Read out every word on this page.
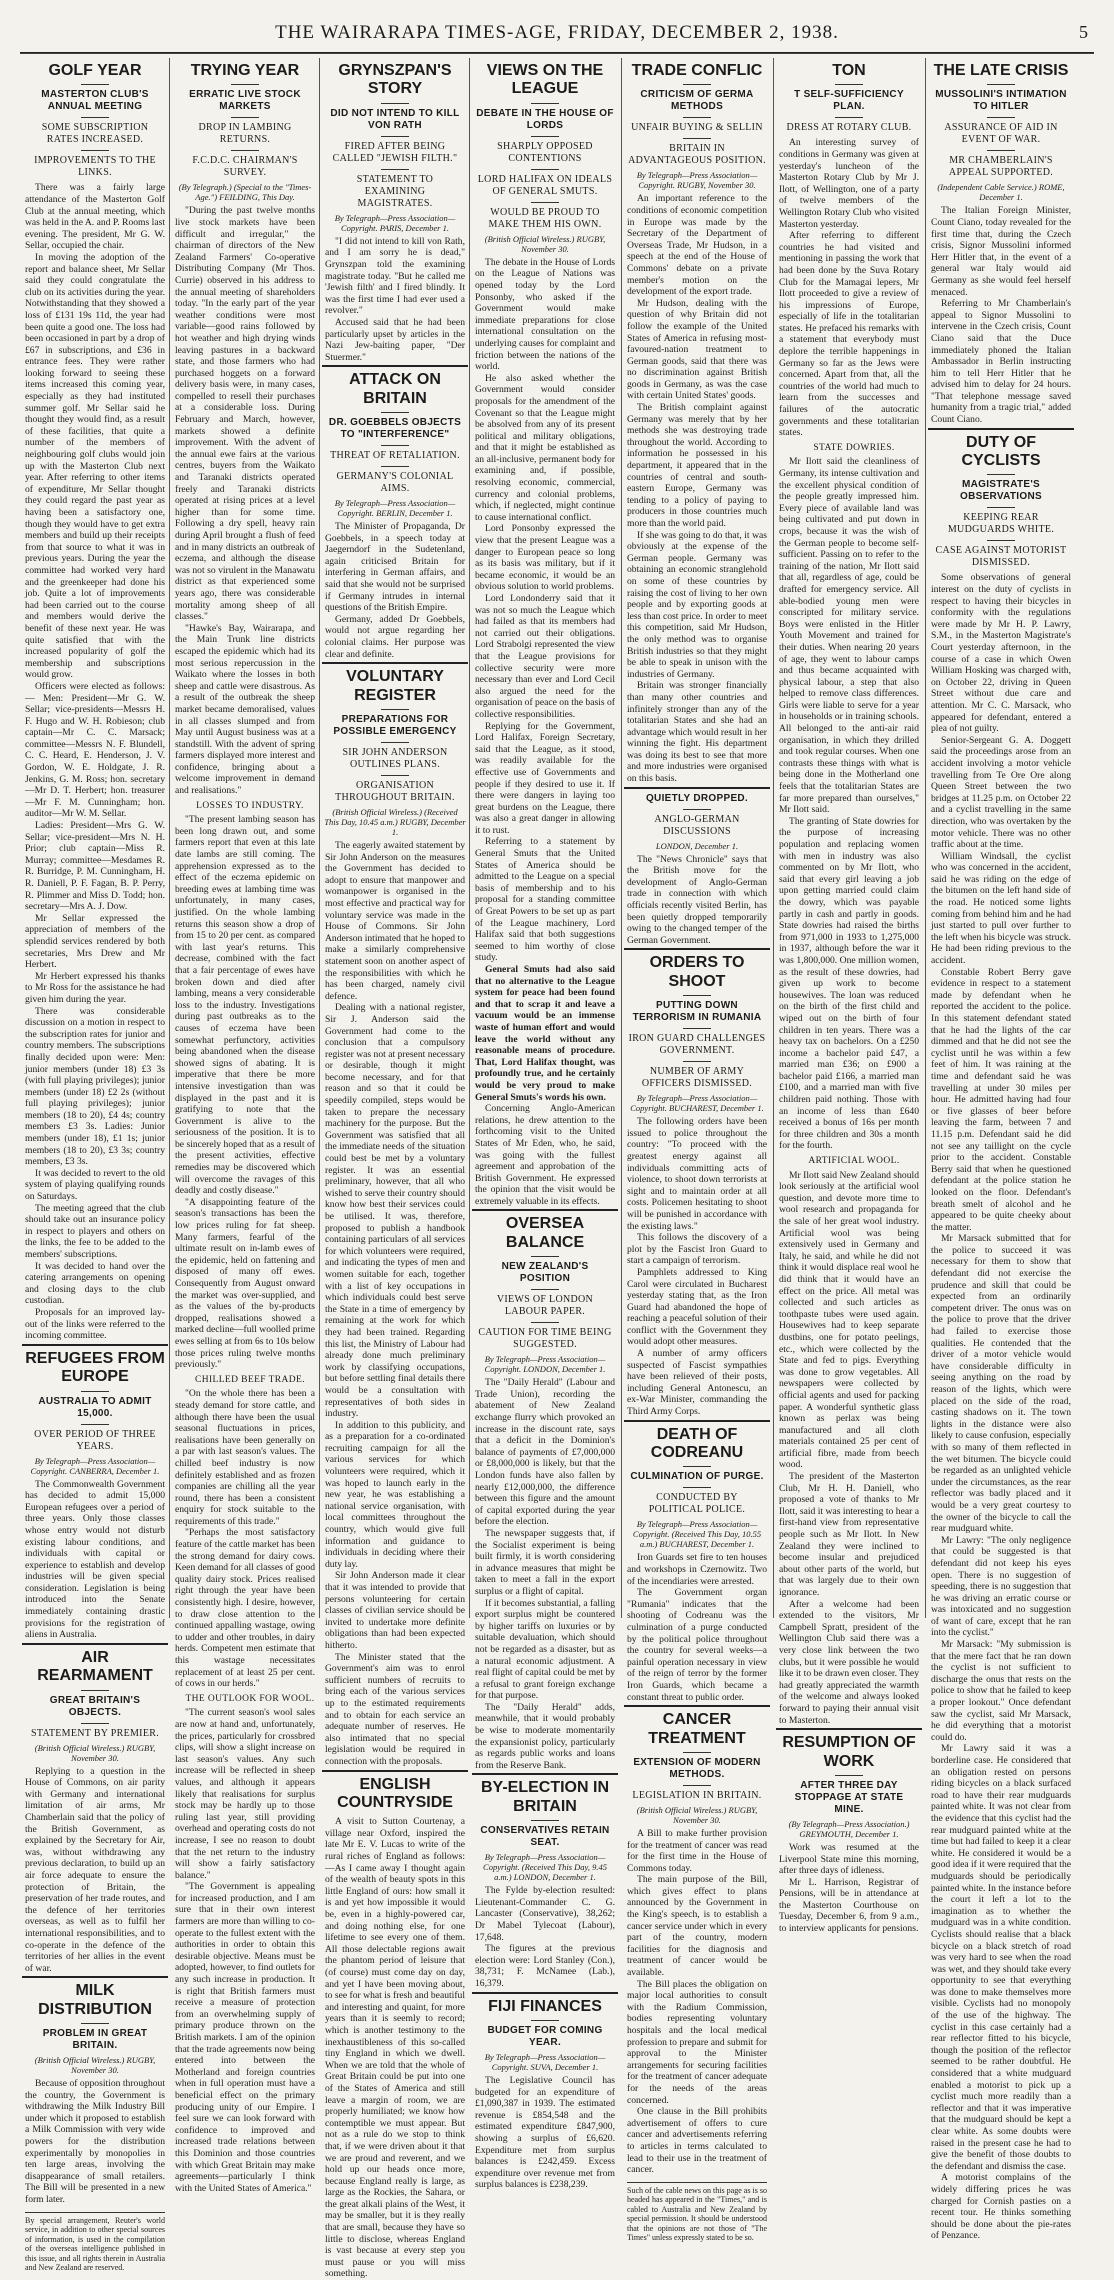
THE WAIRARAPA TIMES-AGE, FRIDAY, DECEMBER 2, 1938.	5
GOLF YEAR
MASTERTON CLUB'S ANNUAL MEETING
SOME SUBSCRIPTION RATES INCREASED.
IMPROVEMENTS TO THE LINKS.

There was a fairly large attendance of the Masterton Golf Club at the annual meeting, which was held in the A. and P. Rooms last evening. The president, Mr G. W. Sellar, occupied the chair.

In moving the adoption of the report and balance sheet, Mr Sellar said they could congratulate the club on its activities during the year. Notwithstanding that they showed a loss of £131 19s 11d, the year had been quite a good one. The loss had been occasioned in part by a drop of £67 in subscriptions, and £36 in entrance fees. They were rather looking forward to seeing these items increased this coming year, especially as they had instituted summer golf. Mr Sellar said he thought they would find, as a result of these facilities, that quite a number of the members of neighbouring golf clubs would join up with the Masterton Club next year. After referring to other items of expenditure, Mr Sellar thought they could regard the past year as having been a satisfactory one, though they would have to get extra members and build up their receipts from that source to what it was in previous years. During the year the committee had worked very hard and the greenkeeper had done his job. Quite a lot of improvements had been carried out to the course and members would derive the benefit of these next year. He was quite satisfied that with the increased popularity of golf the membership and subscriptions would grow.

Officers were elected as follows:— Men: President—Mr G. W. Sellar; vice-presidents—Messrs H. F. Hugo and W. H. Robieson; club captain—Mr C. C. Marsack; committee—Messrs N. F. Blundell, C. C. Heard, E. Henderson, J. V. Gordon, W. E. Holdgate, J. R. Jenkins, G. M. Ross; hon. secretary—Mr D. T. Herbert; hon. treasurer—Mr F. M. Cunningham; hon. auditor—Mr W. M. Sellar.

Ladies: President—Mrs G. W. Sellar; vice-president—Mrs N. H. Prior; club captain—Miss R. Murray; committee—Mesdames R. R. Burridge, P. M. Cunningham, H. R. Daniell, P. F. Fagan, B. P. Perry, R. Plimmer and Miss D. Todd; hon. secretary—Mrs A. J. Dow.

Mr Sellar expressed the appreciation of members of the splendid services rendered by both secretaries, Mrs Drew and Mr Herbert.

Mr Herbert expressed his thanks to Mr Ross for the assistance he had given him during the year.

There was considerable discussion on a motion in respect to the subscription rates for junior and country members. The subscriptions finally decided upon were: Men: junior members (under 18) £3 3s (with full playing privileges); junior members (under 18) £2 2s (without full playing privileges); junior members (18 to 20), £4 4s; country members £3 3s. Ladies: Junior members (under 18), £1 1s; junior members (18 to 20), £3 3s; country members, £3 3s.

It was decided to revert to the old system of playing qualifying rounds on Saturdays.

The meeting agreed that the club should take out an insurance policy in respect to players and others on the links, the fee to be added to the members' subscriptions.

It was decided to hand over the catering arrangements on opening and closing days to the club custodian.

Proposals for an improved lay-out of the links were referred to the incoming committee.

REFUGEES FROM EUROPE
AUSTRALIA TO ADMIT 15,000.
OVER PERIOD OF THREE YEARS.
By Telegraph—Press Association—Copyright. CANBERRA, December 1.

The Commonwealth Government has decided to admit 15,000 European refugees over a period of three years. Only those classes whose entry would not disturb existing labour conditions, and individuals with capital or experience to establish and develop industries will be given special consideration. Legislation is being introduced into the Senate immediately containing drastic provisions for the registration of aliens in Australia.

AIR REARMAMENT
GREAT BRITAIN'S OBJECTS.
STATEMENT BY PREMIER.
(British Official Wireless.) RUGBY, November 30.

Replying to a question in the House of Commons, on air parity with Germany and international limitation of air arms, Mr Chamberlain said that the policy of the British Government, as explained by the Secretary for Air, was, without withdrawing any previous declaration, to build up an air force adequate to ensure the protection of Britain, the preservation of her trade routes, and the defence of her territories overseas, as well as to fulfil her international responsibilities, and to co-operate in the defence of the territories of her allies in the event of war.

MILK DISTRIBUTION
PROBLEM IN GREAT BRITAIN.
(British Official Wireless.) RUGBY, November 30.

Because of opposition throughout the country, the Government is withdrawing the Milk Industry Bill under which it proposed to establish a Milk Commission with very wide powers for the distribution experimentally by monopolies in ten large areas, involving the disappearance of small retailers. The Bill will be presented in a new form later.

By special arrangement, Reuter's world service, in addition to other special sources of information, is used in the compilation of the overseas intelligence published in this issue, and all rights therein in Australia and New Zealand are reserved.
TRYING YEAR
ERRATIC LIVE STOCK MARKETS
DROP IN LAMBING RETURNS.
F.C.D.C. CHAIRMAN'S SURVEY.
(By Telegraph.) (Special to the "Times-Age.") FEILDING, This Day.

"During the past twelve months live stock markets have been difficult and irregular," the chairman of directors of the New Zealand Farmers' Co-operative Distributing Company (Mr Thos. Currie) observed in his address to the annual meeting of shareholders today. "In the early part of the year weather conditions were most variable—good rains followed by hot weather and high drying winds leaving pastures in a backward state, and those farmers who had purchased hoggets on a forward delivery basis were, in many cases, compelled to resell their purchases at a considerable loss. During February and March, however, markets showed a definite improvement. With the advent of the annual ewe fairs at the various centres, buyers from the Waikato and Taranaki districts operated freely and Taranaki districts operated at rising prices at a level higher than for some time. Following a dry spell, heavy rain during April brought a flush of feed and in many districts an outbreak of eczema, and although the disease was not so virulent in the Manawatu district as that experienced some years ago, there was considerable mortality among sheep of all classes."

"Hawke's Bay, Wairarapa, and the Main Trunk line districts escaped the epidemic which had its most serious repercussion in the Waikato where the losses in both sheep and cattle were disastrous. As a result of the outbreak the sheep market became demoralised, values in all classes slumped and from May until August business was at a standstill. With the advent of spring farmers displayed more interest and confidence, bringing about a welcome improvement in demand and realisations."

LOSSES TO INDUSTRY.

"The present lambing season has been long drawn out, and some farmers report that even at this late date lambs are still coming. The apprehension expressed as to the effect of the eczema epidemic on breeding ewes at lambing time was unfortunately, in many cases, justified. On the whole lambing returns this season show a drop of from 15 to 20 per cent. as compared with last year's returns. This decrease, combined with the fact that a fair percentage of ewes have broken down and died after lambing, means a very considerable loss to the industry. Investigations during past outbreaks as to the causes of eczema have been somewhat perfunctory, activities being abandoned when the disease showed signs of abating. It is imperative that there be more intensive investigation than was displayed in the past and it is gratifying to note that the Government is alive to the seriousness of the position. It is to be sincerely hoped that as a result of the present activities, effective remedies may be discovered which will overcome the ravages of this deadly and costly disease."

"A disappointing feature of the season's transactions has been the low prices ruling for fat sheep. Many farmers, fearful of the ultimate result on in-lamb ewes of the epidemic, held on fattening and disposed of many off ewes. Consequently from August onward the market was over-supplied, and as the values of the by-products dropped, realisations showed a marked decline—full woolled prime ewes selling at from 6s to 10s below those prices ruling twelve months previously."

CHILLED BEEF TRADE.

"On the whole there has been a steady demand for store cattle, and although there have been the usual seasonal fluctuations in prices, realisations have been generally on a par with last season's values. The chilled beef industry is now definitely established and as frozen companies are chilling all the year round, there has been a consistent enquiry for stock suitable to the requirements of this trade."

"Perhaps the most satisfactory feature of the cattle market has been the strong demand for dairy cows. Keen demand for all classes of good quality dairy stock. Prices realised right through the year have been consistently high. I desire, however, to draw close attention to the continued appalling wastage, owing to udder and other troubles, in dairy herds. Competent men estimate that this wastage necessitates replacement of at least 25 per cent. of cows in our herds."

THE OUTLOOK FOR WOOL.

"The current season's wool sales are now at hand and, unfortunately, the prices, particularly for crossbred clips, will show a slight increase on last season's values. Any such increase will be reflected in sheep values, and although it appears likely that realisations for surplus stock may be hardly up to those ruling last year, still providing overhead and operating costs do not increase, I see no reason to doubt that the net return to the industry will show a fairly satisfactory balance."

"The Government is appealing for increased production, and I am sure that in their own interest farmers are more than willing to co-operate to the fullest extent with the authorities in order to obtain this desirable objective. Means must be adopted, however, to find outlets for any such increase in production. It is right that British farmers must receive a measure of protection from an overwhelming supply of primary produce thrown on the British markets. I am of the opinion that the trade agreements now being entered into between the Motherland and foreign countries when in full operation must have a beneficial effect on the primary producing unity of our Empire. I feel sure we can look forward with confidence to improved and increased trade relations between this Dominion and those countries with which Great Britain may make agreements—particularly I think with the United States of America."

GRYNSZPAN'S STORY
DID NOT INTEND TO KILL VON RATH
FIRED AFTER BEING CALLED "JEWISH FILTH."
STATEMENT TO EXAMINING MAGISTRATES.
By Telegraph—Press Association—Copyright. PARIS, December 1.

"I did not intend to kill von Rath, and I am sorry he is dead," Grynszpan told the examining magistrate today. "But he called me 'Jewish filth' and I fired blindly. It was the first time I had ever used a revolver."

Accused said that he had been particularly upset by articles in the Nazi Jew-baiting paper, "Der Stuermer."

ATTACK ON BRITAIN
DR. GOEBBELS OBJECTS TO "INTERFERENCE"
THREAT OF RETALIATION.
GERMANY'S COLONIAL AIMS.
By Telegraph—Press Association—Copyright. BERLIN, December 1.

The Minister of Propaganda, Dr Goebbels, in a speech today at Jaegerndorf in the Sudetenland, again criticised Britain for interfering in German affairs, and said that she would not be surprised if Germany intrudes in internal questions of the British Empire.

Germany, added Dr Goebbels, would not argue regarding her colonial claims. Her purpose was clear and definite.

VOLUNTARY REGISTER
PREPARATIONS FOR POSSIBLE EMERGENCY
SIR JOHN ANDERSON OUTLINES PLANS.
ORGANISATION THROUGHOUT BRITAIN.
(British Official Wireless.) (Received This Day, 10.45 a.m.) RUGBY, December 1.

The eagerly awaited statement by Sir John Anderson on the measures the Government has decided to adopt to ensure that manpower and womanpower is organised in the most effective and practical way for voluntary service was made in the House of Commons. Sir John Anderson intimated that he hoped to make a similarly comprehensive statement soon on another aspect of the responsibilities with which he has been charged, namely civil defence.

Dealing with a national register, Sir J. Anderson said the Government had come to the conclusion that a compulsory register was not at present necessary or desirable, though it might become necessary, and for that reason and so that it could be speedily compiled, steps would be taken to prepare the necessary machinery for the purpose. But the Government was satisfied that all the immediate needs of the situation could best be met by a voluntary register. It was an essential preliminary, however, that all who wished to serve their country should know how best their services could be utilised. It was, therefore, proposed to publish a handbook containing particulars of all services for which volunteers were required, and indicating the types of men and women suitable for each, together with a list of key occupations in which individuals could best serve the State in a time of emergency by remaining at the work for which they had been trained. Regarding this list, the Ministry of Labour had already done much preliminary work by classifying occupations, but before settling final details there would be a consultation with representatives of both sides in industry.

In addition to this publicity, and as a preparation for a co-ordinated recruiting campaign for all the various services for which volunteers were required, which it was hoped to launch early in the new year, he was establishing a national service organisation, with local committees throughout the country, which would give full information and guidance to individuals in deciding where their duty lay.

Sir John Anderson made it clear that it was intended to provide that persons volunteering for certain classes of civilian service should be invited to undertake more definite obligations than had been expected hitherto.

The Minister stated that the Government's aim was to enrol sufficient numbers of recruits to bring each of the various services up to the estimated requirements and to obtain for each service an adequate number of reserves. He also intimated that no special legislation would be required in connection with the proposals.

ENGLISH COUNTRYSIDE

A visit to Sutton Courtenay, a village near Oxford, inspired the late Mr E. V. Lucas to write of the rural riches of England as follows:—As I came away I thought again of the wealth of beauty spots in this little England of ours: how small it is and yet how impossible it would be, even in a highly-powered car, and doing nothing else, for one lifetime to see every one of them. All those delectable regions await the phantom period of leisure that (of course) must come day on day, and yet I have been moving about, to see for what is fresh and beautiful and interesting and quaint, for more years than it is seemly to record; which is another testimony to the inexhaustibleness of this so-called tiny England in which we dwell. When we are told that the whole of Great Britain could be put into one of the States of America and still leave a margin of room, we are properly humiliated; we know how contemptible we must appear. But not as a rule do we stop to think that, if we were driven about it that we are proud and reverent, and we hold up our heads once more, because England really is large, as large as the Rockies, the Sahara, or the great alkali plains of the West, it may be smaller, but it is they really that are small, because they have so little to disclose, whereas England is vast because at every step you must pause or you will miss something.

VIEWS ON THE LEAGUE
DEBATE IN THE HOUSE OF LORDS
SHARPLY OPPOSED CONTENTIONS
LORD HALIFAX ON IDEALS OF GENERAL SMUTS.
WOULD BE PROUD TO MAKE THEM HIS OWN.
(British Official Wireless.) RUGBY, November 30.

The debate in the House of Lords on the League of Nations was opened today by the Lord Ponsonby, who asked if the Government would make immediate preparations for close international consultation on the underlying causes for complaint and friction between the nations of the world.

He also asked whether the Government would consider proposals for the amendment of the Covenant so that the League might be absolved from any of its present political and military obligations, and that it might be established as an all-inclusive, permanent body for examining and, if possible, resolving economic, commercial, currency and colonial problems, which, if neglected, might continue to cause international conflict.

Lord Ponsonby expressed the view that the present League was a danger to European peace so long as its basis was military, but if it became economic, it would be an obvious solution to world problems.

Lord Londonderry said that it was not so much the League which had failed as that its members had not carried out their obligations. Lord Strabolgi represented the view that the League provisions for collective security were more necessary than ever and Lord Cecil also argued the need for the organisation of peace on the basis of collective responsibilities.

Replying for the Government, Lord Halifax, Foreign Secretary, said that the League, as it stood, was readily available for the effective use of Governments and people if they desired to use it. If there were dangers in laying too great burdens on the League, there was also a great danger in allowing it to rust.

Referring to a statement by General Smuts that the United States of America should be admitted to the League on a special basis of membership and to his proposal for a standing committee of Great Powers to be set up as part of the League machinery, Lord Halifax said that both suggestions seemed to him worthy of close study.

General Smuts had also said that no alternative to the League system for peace had been found and that to scrap it and leave a vacuum would be an immense waste of human effort and would leave the world without any reasonable means of procedure. That, Lord Halifax thought, was profoundly true, and he certainly would be very proud to make General Smuts's words his own.

Concerning Anglo-American relations, he drew attention to the forthcoming visit to the United States of Mr Eden, who, he said, was going with the fullest agreement and approbation of the British Government. He expressed the opinion that the visit would be extremely valuable in its effects.

OVERSEA BALANCE
NEW ZEALAND'S POSITION
VIEWS OF LONDON LABOUR PAPER.
CAUTION FOR TIME BEING SUGGESTED.
By Telegraph—Press Association—Copyright. LONDON, December 1.

The "Daily Herald" (Labour and Trade Union), recording the abatement of New Zealand exchange flurry which provoked an increase in the discount rate, says that a deficit in the Dominion's balance of payments of £7,000,000 or £8,000,000 is likely, but that the London funds have also fallen by nearly £12,000,000, the difference between this figure and the amount of capital exported during the year before the election.

The newspaper suggests that, if the Socialist experiment is being built firmly, it is worth considering in advance measures that might be taken to meet a fall in the export surplus or a flight of capital.

If it becomes substantial, a falling export surplus might be countered by higher tariffs on luxuries or by suitable devaluation, which should not be regarded as a disaster, but as a natural economic adjustment. A real flight of capital could be met by a refusal to grant foreign exchange for that purpose.

The "Daily Herald" adds, meanwhile, that it would probably be wise to moderate momentarily the expansionist policy, particularly as regards public works and loans from the Reserve Bank.

BY-ELECTION IN BRITAIN
CONSERVATIVES RETAIN SEAT.
By Telegraph—Press Association—Copyright. (Received This Day, 9.45 a.m.) LONDON, December 1.

The Fylde by-election resulted: Lieutenant-Commander C. G. Lancaster (Conservative), 38,262; Dr Mabel Tylecoat (Labour), 17,648.

The figures at the previous election were: Lord Stanley (Con.), 38,731; F. McNamee (Lab.), 16,379.

FIJI FINANCES
BUDGET FOR COMING YEAR.
By Telegraph—Press Association—Copyright. SUVA, December 1.

The Legislative Council has budgeted for an expenditure of £1,090,387 in 1939. The estimated revenue is £854,548 and the estimated expenditure £847,900, showing a surplus of £6,620. Expenditure met from surplus balances is £242,459. Excess expenditure over revenue met from surplus balances is £238,239.

TRADE CONFLIC
CRITICISM OF GERMA METHODS
UNFAIR BUYING & SELLIN
BRITAIN IN ADVANTAGEOUS POSITION.
By Telegraph—Press Association—Copyright. RUGBY, November 30.

An important reference to the conditions of economic competition in Europe was made by the Secretary of the Department of Overseas Trade, Mr Hudson, in a speech at the end of the House of Commons' debate on a private member's motion on the development of the export trade.

Mr Hudson, dealing with the question of why Britain did not follow the example of the United States of America in refusing most-favoured-nation treatment to German goods, said that there was no discrimination against British goods in Germany, as was the case with certain United States' goods.

The British complaint against Germany was merely that by her methods she was destroying trade throughout the world. According to information he possessed in his department, it appeared that in the countries of central and south-eastern Europe, Germany was tending to a policy of paying to producers in those countries much more than the world paid.

If she was going to do that, it was obviously at the expense of the German people. Germany was obtaining an economic stranglehold on some of these countries by raising the cost of living to her own people and by exporting goods at less than cost price. In order to meet this competition, said Mr Hudson, the only method was to organise British industries so that they might be able to speak in unison with the industries of Germany.

Britain was stronger financially than many other countries and infinitely stronger than any of the totalitarian States and she had an advantage which would result in her winning the fight. His department was doing its best to see that more and more industries were organised on this basis.

QUIETLY DROPPED.
ANGLO-GERMAN DISCUSSIONS
LONDON, December 1.

The "News Chronicle" says that the British move for the development of Anglo-German trade in connection with which officials recently visited Berlin, has been quietly dropped temporarily owing to the changed temper of the German Government.

ORDERS TO SHOOT
PUTTING DOWN TERRORISM IN RUMANIA
IRON GUARD CHALLENGES GOVERNMENT.
NUMBER OF ARMY OFFICERS DISMISSED.
By Telegraph—Press Association—Copyright. BUCHAREST, December 1.

The following orders have been issued to police throughout the country: "To proceed with the greatest energy against all individuals committing acts of violence, to shoot down terrorists at sight and to maintain order at all costs. Policemen hesitating to shoot will be punished in accordance with the existing laws."

This follows the discovery of a plot by the Fascist Iron Guard to start a campaign of terrorism.

Pamphlets addressed to King Carol were circulated in Bucharest yesterday stating that, as the Iron Guard had abandoned the hope of reaching a peaceful solution of their conflict with the Government they would adopt other measures.

A number of army officers suspected of Fascist sympathies have been relieved of their posts, including General Antonescu, an ex-War Minister, commanding the Third Army Corps.

DEATH OF CODREANU
CULMINATION OF PURGE.
CONDUCTED BY POLITICAL POLICE.
By Telegraph—Press Association—Copyright. (Received This Day, 10.55 a.m.) BUCHAREST, December 1.

Iron Guards set fire to ten houses and workshops in Czernowitz. Two of the incendiaries were arrested.

The Government organ "Rumania" indicates that the shooting of Codreanu was the culmination of a purge conducted by the political police throughout the country for several weeks—a painful operation necessary in view of the reign of terror by the former Iron Guards, which became a constant threat to public order.

CANCER TREATMENT
EXTENSION OF MODERN METHODS.
LEGISLATION IN BRITAIN.
(British Official Wireless.) RUGBY, November 30.

A Bill to make further provision for the treatment of cancer was read for the first time in the House of Commons today.

The main purpose of the Bill, which gives effect to plans announced by the Government in the King's speech, is to establish a cancer service under which in every part of the country, modern facilities for the diagnosis and treatment of cancer would be available.

The Bill places the obligation on major local authorities to consult with the Radium Commission, bodies representing voluntary hospitals and the local medical profession to prepare and submit for approval to the Minister arrangements for securing facilities for the treatment of cancer adequate for the needs of the areas concerned.

One clause in the Bill prohibits advertisement of offers to cure cancer and advertisements referring to articles in terms calculated to lead to their use in the treatment of cancer.

Such of the cable news on this page as is so headed has appeared in the "Times," and is cabled to Australia and New Zealand by special permission. It should be understood that the opinions are not those of "The Times" unless expressly stated to be so.
TON
T SELF-SUFFICIENCY PLAN.
DRESS AT ROTARY CLUB.

An interesting survey of conditions in Germany was given at yesterday's luncheon of the Masterton Rotary Club by Mr J. Ilott, of Wellington, one of a party of twelve members of the Wellington Rotary Club who visited Masterton yesterday.

After referring to different countries he had visited and mentioning in passing the work that had been done by the Suva Rotary Club for the Mamagai lepers, Mr Ilott proceeded to give a review of his impressions of Europe, especially of life in the totalitarian states. He prefaced his remarks with a statement that everybody must deplore the terrible happenings in Germany so far as the Jews were concerned. Apart from that, all the countries of the world had much to learn from the successes and failures of the autocratic governments and these totalitarian states.

STATE DOWRIES.

Mr Ilott said the cleanliness of Germany, its intense cultivation and the excellent physical condition of the people greatly impressed him. Every piece of available land was being cultivated and put down in crops, because it was the wish of the German people to become self-sufficient. Passing on to refer to the training of the nation, Mr Ilott said that all, regardless of age, could be drafted for emergency service. All able-bodied young men were conscripted for military service. Boys were enlisted in the Hitler Youth Movement and trained for their duties. When nearing 20 years of age, they went to labour camps and thus became acquainted with physical labour, a step that also helped to remove class differences. Girls were liable to serve for a year in households or in training schools. All belonged to the anti-air raid organisation, in which they drilled and took regular courses. When one contrasts these things with what is being done in the Motherland one feels that the totalitarian States are far more prepared than ourselves," Mr Ilott said.

The granting of State dowries for the purpose of increasing population and replacing women with men in industry was also commented on by Mr Ilott, who said that every girl leaving a job upon getting married could claim the dowry, which was payable partly in cash and partly in goods. State dowries had raised the births from 971,000 in 1933 to 1,275,000 in 1937, although before the war it was 1,800,000. One million women, as the result of these dowries, had given up work to become housewives. The loan was reduced on the birth of the first child and wiped out on the birth of four children in ten years. There was a heavy tax on bachelors. On a £250 income a bachelor paid £47, a married man £36; on £900 a bachelor paid £166, a married man £100, and a married man with five children paid nothing. Those with an income of less than £640 received a bonus of 16s per month for three children and 30s a month for the fourth.

ARTIFICIAL WOOL.

Mr Ilott said New Zealand should look seriously at the artificial wool question, and devote more time to wool research and propaganda for the sale of her great wool industry. Artificial wool was being extensively used in Germany and Italy, he said, and while he did not think it would displace real wool he did think that it would have an effect on the price. All metal was collected and such articles as toothpaste tubes were used again. Housewives had to keep separate dustbins, one for potato peelings, etc., which were collected by the State and fed to pigs. Everything was done to grow vegetables. All newspapers were collected by official agents and used for packing paper. A wonderful synthetic glass known as perlax was being manufactured and all cloth materials contained 25 per cent of artificial fibre, made from beech wood.

The president of the Masterton Club, Mr H. H. Daniell, who proposed a vote of thanks to Mr Ilott, said it was interesting to hear a first-hand view from representative people such as Mr Ilott. In New Zealand they were inclined to become insular and prejudiced about other parts of the world, but that was largely due to their own ignorance.

After a welcome had been extended to the visitors, Mr Campbell Spratt, president of the Wellington Club said there was a very close link between the two clubs, but it were possible he would like it to be drawn even closer. They had greatly appreciated the warmth of the welcome and always looked forward to paying their annual visit to Masterton.

RESUMPTION OF WORK
AFTER THREE DAY STOPPAGE AT STATE MINE.
(By Telegraph—Press Association.) GREYMOUTH, December 1.

Work was resumed at the Liverpool State mine this morning, after three days of idleness.

Mr L. Harrison, Registrar of Pensions, will be in attendance at the Masterton Courthouse on Tuesday, December 6, from 9 a.m., to interview applicants for pensions.

THE LATE CRISIS
MUSSOLINI'S INTIMATION TO HITLER
ASSURANCE OF AID IN EVENT OF WAR.
MR CHAMBERLAIN'S APPEAL SUPPORTED.
(Independent Cable Service.) ROME, December 1.

The Italian Foreign Minister, Count Ciano, today revealed for the first time that, during the Czech crisis, Signor Mussolini informed Herr Hitler that, in the event of a general war Italy would aid Germany as she would feel herself menaced.

Referring to Mr Chamberlain's appeal to Signor Mussolini to intervene in the Czech crisis, Count Ciano said that the Duce immediately phoned the Italian Ambassador in Berlin instructing him to tell Herr Hitler that he advised him to delay for 24 hours. "That telephone message saved humanity from a tragic trial," added Count Ciano.

DUTY OF CYCLISTS
MAGISTRATE'S OBSERVATIONS
KEEPING REAR MUDGUARDS WHITE.
CASE AGAINST MOTORIST DISMISSED.

Some observations of general interest on the duty of cyclists in respect to having their bicycles in conformity with the regulations were made by Mr H. P. Lawry, S.M., in the Masterton Magistrate's Court yesterday afternoon, in the course of a case in which Owen William Hosking was charged with, on October 22, driving in Queen Street without due care and attention. Mr C. C. Marsack, who appeared for defendant, entered a plea of not guilty.

Senior-Sergeant G. A. Doggett said the proceedings arose from an accident involving a motor vehicle travelling from Te Ore Ore along Queen Street between the two bridges at 11.25 p.m. on October 22 and a cyclist travelling in the same direction, who was overtaken by the motor vehicle. There was no other traffic about at the time.

William Windsall, the cyclist who was concerned in the accident, said he was riding on the edge of the bitumen on the left hand side of the road. He noticed some lights coming from behind him and he had just started to pull over further to the left when his bicycle was struck. He had been riding previous to the accident.

Constable Robert Berry gave evidence in respect to a statement made by defendant when he reported the accident to the police. In this statement defendant stated that he had the lights of the car dimmed and that he did not see the cyclist until he was within a few feet of him. It was raining at the time and defendant said he was travelling at under 30 miles per hour. He admitted having had four or five glasses of beer before leaving the farm, between 7 and 11.15 p.m. Defendant said he did not see any taillight on the cycle prior to the accident. Constable Berry said that when he questioned defendant at the police station he looked on the floor. Defendant's breath smelt of alcohol and he appeared to be quite cheeky about the matter.

Mr Marsack submitted that for the police to succeed it was necessary for them to show that defendant did not exercise the prudence and skill that could be expected from an ordinarily competent driver. The onus was on the police to prove that the driver had failed to exercise those qualities. He contended that the driver of a motor vehicle would have considerable difficulty in seeing anything on the road by reason of the lights, which were placed on the side of the road, casting shadows on it. The town lights in the distance were also likely to cause confusion, especially with so many of them reflected in the wet bitumen. The bicycle could be regarded as an unlighted vehicle under the circumstances, as the rear reflector was badly placed and it would be a very great courtesy to the owner of the bicycle to call the rear mudguard white.

Mr Lawry: "The only negligence that could be suggested is that defendant did not keep his eyes open. There is no suggestion of speeding, there is no suggestion that he was driving an erratic course or was intoxicated and no suggestion of want of care, except that he ran into the cyclist."

Mr Marsack: "My submission is that the mere fact that he ran down the cyclist is not sufficient to discharge the onus that rests on the police to show that he failed to keep a proper lookout." Once defendant saw the cyclist, said Mr Marsack, he did everything that a motorist could do.

Mr Lawry said it was a borderline case. He considered that an obligation rested on persons riding bicycles on a black surfaced road to have their rear mudguards painted white. It was not clear from the evidence that this cyclist had the rear mudguard painted white at the time but had failed to keep it a clear white. He considered it would be a good idea if it were required that the mudguards should be periodically painted white. In the instance before the court it left a lot to the imagination as to whether the mudguard was in a white condition. Cyclists should realise that a black bicycle on a black stretch of road was very hard to see when the road was wet, and they should take every opportunity to see that everything was done to make themselves more visible. Cyclists had no monopoly of the use of the highway. The cyclist in this case certainly had a rear reflector fitted to his bicycle, though the position of the reflector seemed to be rather doubtful. He considered that a white mudguard enabled a motorist to pick up a cyclist much more readily than a reflector and that it was imperative that the mudguard should be kept a clear white. As some doubts were raised in the present case he had to give the benefit of those doubts to the defendant and dismiss the case.

A motorist complains of the widely differing prices he was charged for Cornish pasties on a recent tour. He thinks something should be done about the pie-rates of Penzance.
